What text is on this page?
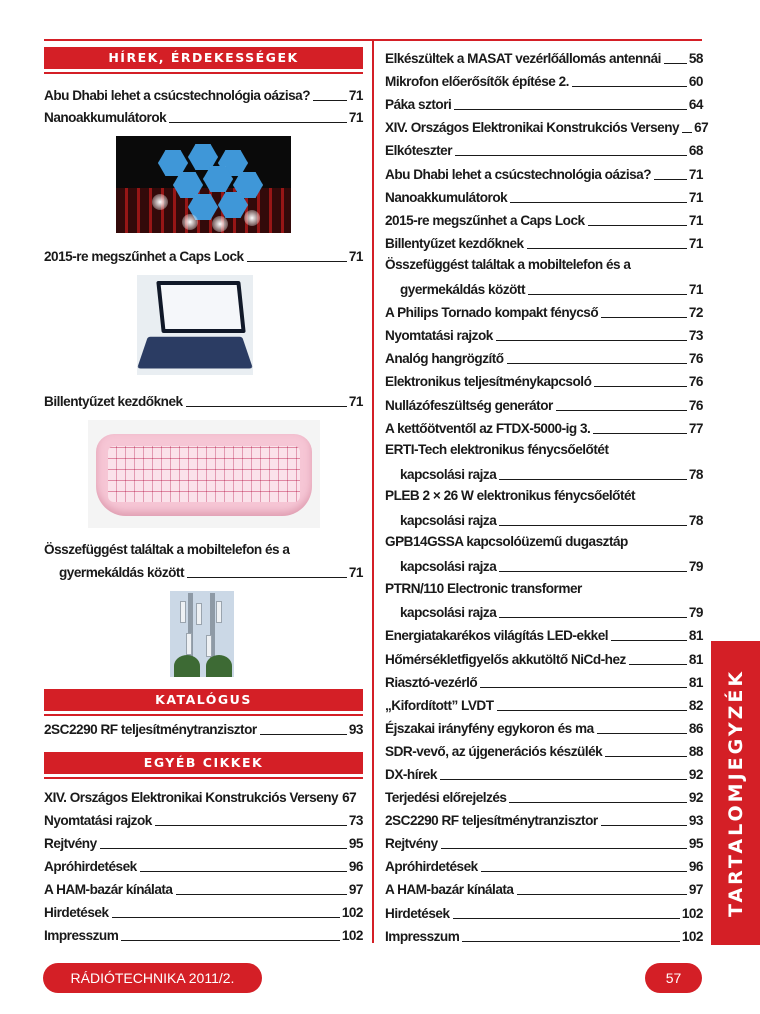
HÍREK, ÉRDEKESSÉGEK
Abu Dhabi lehet a csúcstechnológia oázisa?	71
Nanoakkumulátorok	71
2015-re megszűnhet a Caps Lock	71
Billentyűzet kezdőknek	71
Összefüggést találtak a mobiltelefon és a
gyermekáldás között	71
KATALÓGUS
2SC2290 RF teljesítménytranzisztor	93
EGYÉB CIKKEK
XIV. Országos Elektronikai Konstrukciós Verseny 67
Nyomtatási rajzok	73
Rejtvény	95
Apróhirdetések	96
A HAM-bazár kínálata	97
Hirdetések	102
Impresszum	102
Elkészültek a MASAT vezérlőállomás antennái 58
Mikrofon előerősítők építése 2.	60
Páka sztori	64
XIV. Országos Elektronikai Konstrukciós Verseny 67
Elkóteszter	68
Abu Dhabi lehet a csúcstechnológia oázisa?	71
Nanoakkumulátorok	71
2015-re megszűnhet a Caps Lock	71
Billentyűzet kezdőknek	71
Összefüggést találtak a mobiltelefon és a
gyermekáldás között	71
A Philips Tornado kompakt fénycső	72
Nyomtatási rajzok	73
Analóg hangrögzítő	76
Elektronikus teljesítménykapcsoló	76
Nullázófeszültség generátor	76
A kettőötventől az FTDX-5000-ig 3.	77
ERTI-Tech elektronikus fénycsőelőtét
kapcsolási rajza	78
PLEB 2 × 26 W elektronikus fénycsőelőtét
kapcsolási rajza	78
GPB14GSSA kapcsolóüzemű dugasztáp
kapcsolási rajza	79
PTRN/110 Electronic transformer
kapcsolási rajza	79
Energiatakarékos világítás LED-ekkel	81
Hőmérsékletfigyelős akkutöltő NiCd-hez	81
Riasztó-vezérlő	81
„Kifordított” LVDT	82
Éjszakai irányfény egykoron és ma	86
SDR-vevő, az újgenerációs készülék	88
DX-hírek	92
Terjedési előrejelzés	92
2SC2290 RF teljesítménytranzisztor	93
Rejtvény	95
Apróhirdetések	96
A HAM-bazár kínálata	97
Hirdetések	102
Impresszum	102
TARTALOMJEGYZÉK
RÁDIÓTECHNIKA 2011/2.	57
